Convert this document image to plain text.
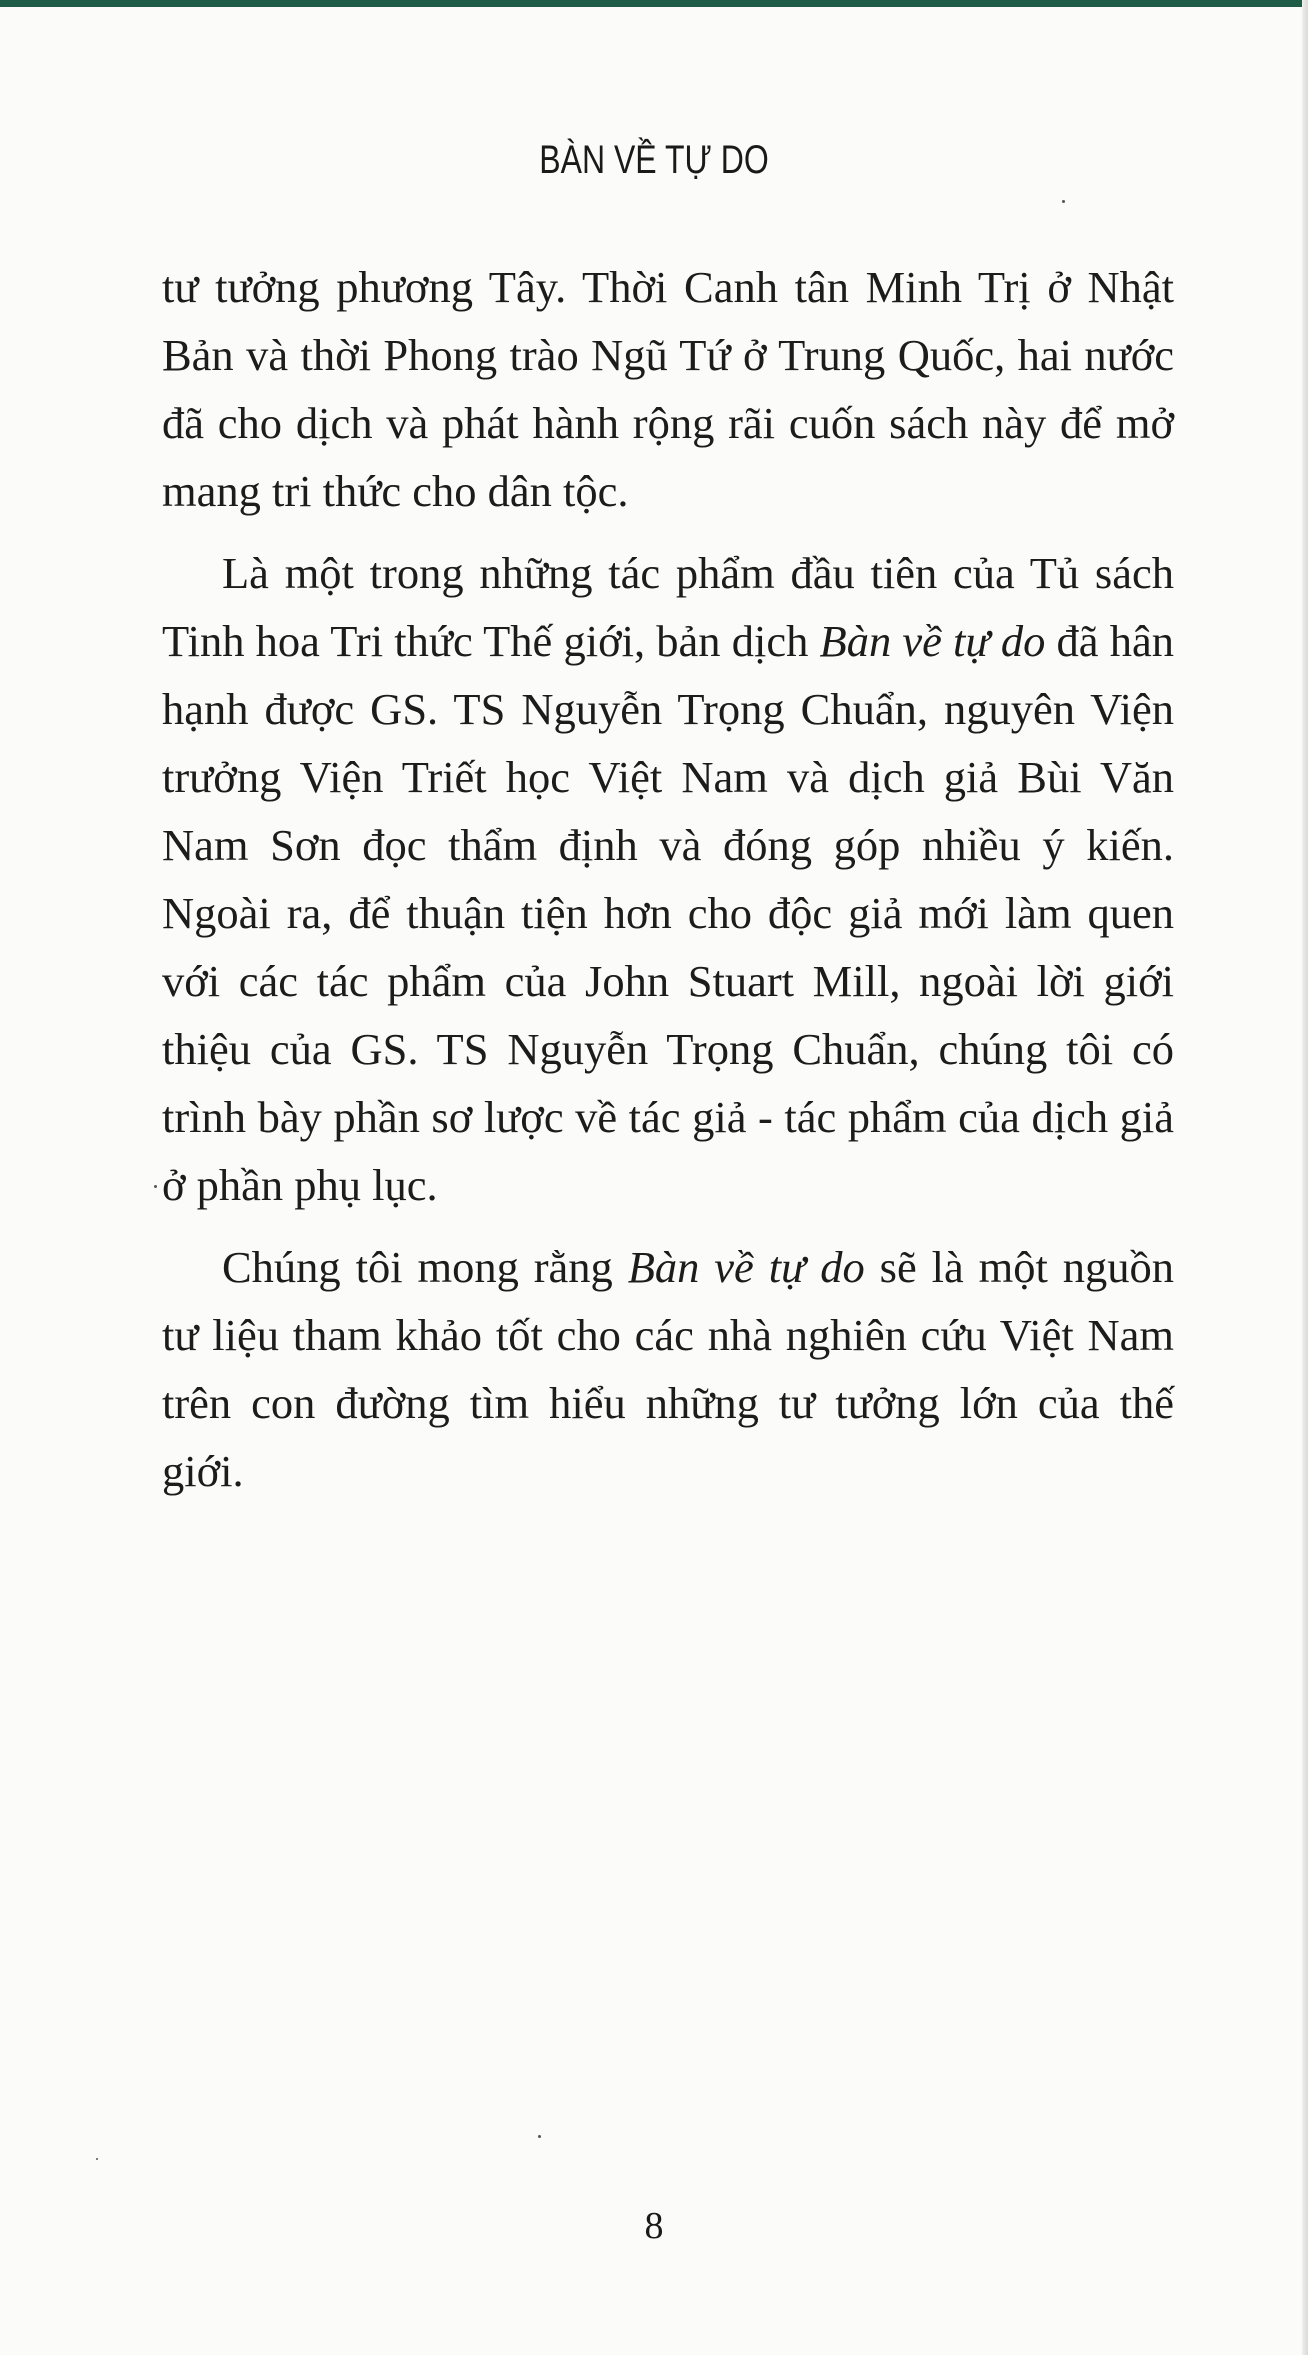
BÀN VỀ TỰ DO

tư tưởng phương Tây. Thời Canh tân Minh Trị ở Nhật Bản và thời Phong trào Ngũ Tứ ở Trung Quốc, hai nước đã cho dịch và phát hành rộng rãi cuốn sách này để mở mang tri thức cho dân tộc.

Là một trong những tác phẩm đầu tiên của Tủ sách Tinh hoa Tri thức Thế giới, bản dịch Bàn về tự do đã hân hạnh được GS. TS Nguyễn Trọng Chuẩn, nguyên Viện trưởng Viện Triết học Việt Nam và dịch giả Bùi Văn Nam Sơn đọc thẩm định và đóng góp nhiều ý kiến. Ngoài ra, để thuận tiện hơn cho độc giả mới làm quen với các tác phẩm của John Stuart Mill, ngoài lời giới thiệu của GS. TS Nguyễn Trọng Chuẩn, chúng tôi có trình bày phần sơ lược về tác giả - tác phẩm của dịch giả ở phần phụ lục.

Chúng tôi mong rằng Bàn về tự do sẽ là một nguồn tư liệu tham khảo tốt cho các nhà nghiên cứu Việt Nam trên con đường tìm hiểu những tư tưởng lớn của thế giới.

8
